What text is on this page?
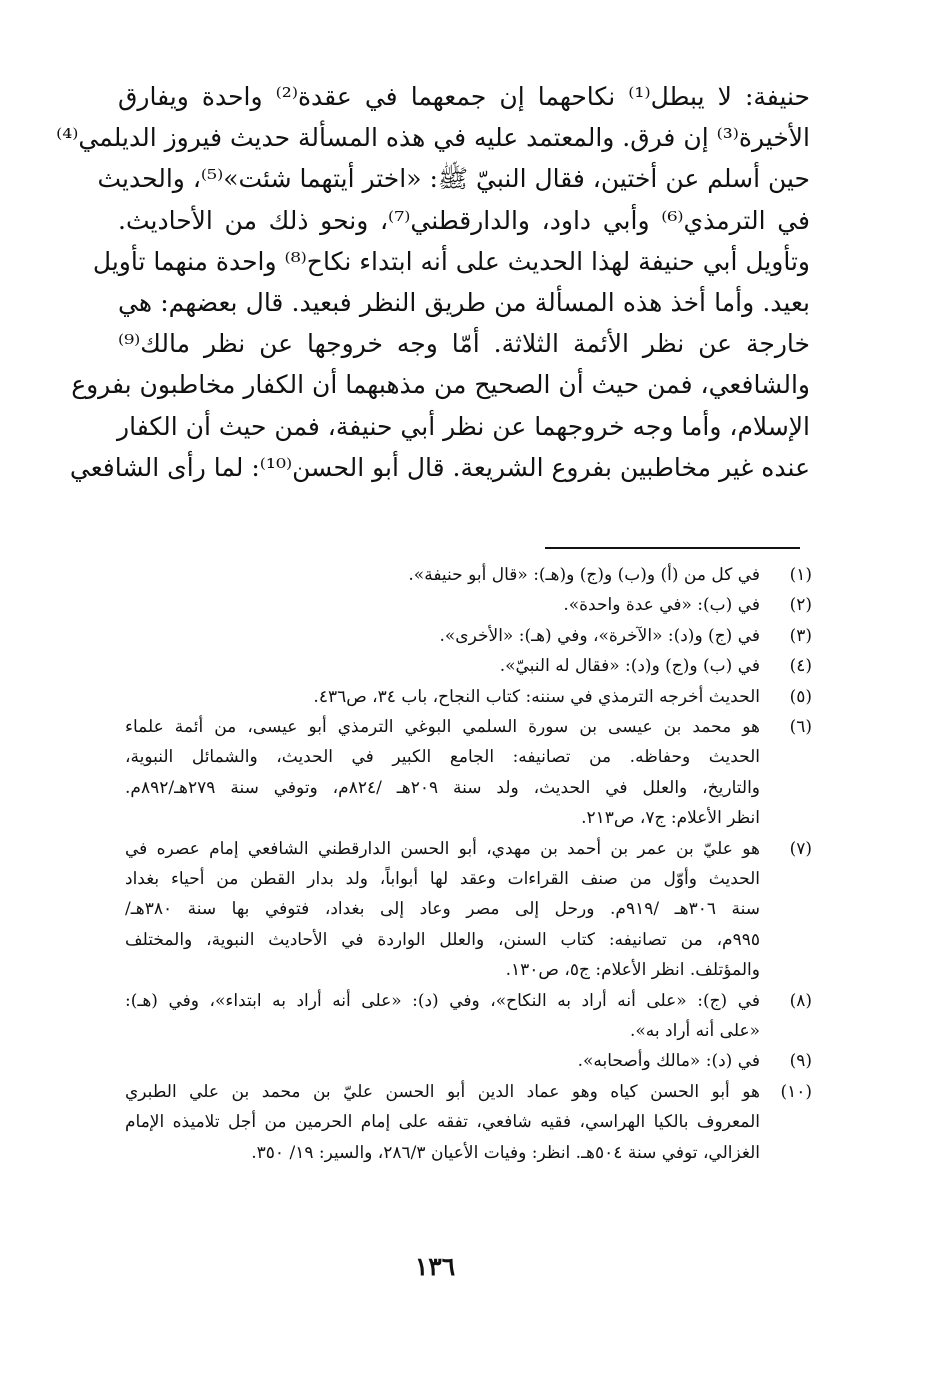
حنيفة: لا يبطل⁽¹⁾ نكاحهما إن جمعهما في عقدة⁽²⁾ واحدة ويفارق
الأخيرة⁽³⁾ إن فرق. والمعتمد عليه في هذه المسألة حديث فيروز الديلمي⁽⁴⁾
حين أسلم عن أختين، فقال النبيّ ﷺ: «اختر أيتهما شئت»⁽⁵⁾، والحديث
في الترمذي⁽⁶⁾ وأبي داود، والدارقطني⁽⁷⁾، ونحو ذلك من الأحاديث.
وتأويل أبي حنيفة لهذا الحديث على أنه ابتداء نكاح⁽⁸⁾ واحدة منهما تأويل
بعيد. وأما أخذ هذه المسألة من طريق النظر فبعيد. قال بعضهم: هي
خارجة عن نظر الأئمة الثلاثة. أمّا وجه خروجها عن نظر مالك⁽⁹⁾
والشافعي، فمن حيث أن الصحيح من مذهبهما أن الكفار مخاطبون بفروع
الإسلام، وأما وجه خروجهما عن نظر أبي حنيفة، فمن حيث أن الكفار
عنده غير مخاطبين بفروع الشريعة. قال أبو الحسن⁽¹⁰⁾: لما رأى الشافعي
(١)
في كل من (أ) و(ب) و(ج) و(هـ): «قال أبو حنيفة».
(٢)
في (ب): «في عدة واحدة».
(٣)
في (ج) و(د): «الآخرة»، وفي (هـ): «الأخرى».
(٤)
في (ب) و(ج) و(د): «فقال له النبيّ».
(٥)
الحديث أخرجه الترمذي في سننه: كتاب النجاح، باب ٣٤، ص٤٣٦.
(٦)
هو محمد بن عيسى بن سورة السلمي البوغي الترمذي أبو عيسى، من أئمة علماء
الحديث وحفاظه. من تصانيفه: الجامع الكبير في الحديث، والشمائل النبوية،
والتاريخ، والعلل في الحديث، ولد سنة ٢٠٩هـ /٨٢٤م، وتوفي سنة ٢٧٩هـ/٨٩٢م.
انظر الأعلام: ج٧، ص٢١٣.
(٧)
هو عليّ بن عمر بن أحمد بن مهدي، أبو الحسن الدارقطني الشافعي إمام عصره في
الحديث وأوّل من صنف القراءات وعقد لها أبواباً، ولد بدار القطن من أحياء بغداد
سنة ٣٠٦هـ /٩١٩م. ورحل إلى مصر وعاد إلى بغداد، فتوفي بها سنة ٣٨٠هـ/
٩٩٥م، من تصانيفه: كتاب السنن، والعلل الواردة في الأحاديث النبوية، والمختلف
والمؤتلف. انظر الأعلام: ج٥، ص١٣٠.
(٨)
في (ج): «على أنه أراد به النكاح»، وفي (د): «على أنه أراد به ابتداء»، وفي (هـ):
«على أنه أراد به».
(٩)
في (د): «مالك وأصحابه».
(١٠)
هو أبو الحسن كياه وهو عماد الدين أبو الحسن عليّ بن محمد بن علي الطبري
المعروف بالكيا الهراسي، فقيه شافعي، تفقه على إمام الحرمين من أجل تلاميذه الإمام
الغزالي، توفي سنة ٥٠٤هـ. انظر: وفيات الأعيان ٢٨٦/٣، والسير: ١٩/ ٣٥٠.
١٣٦
